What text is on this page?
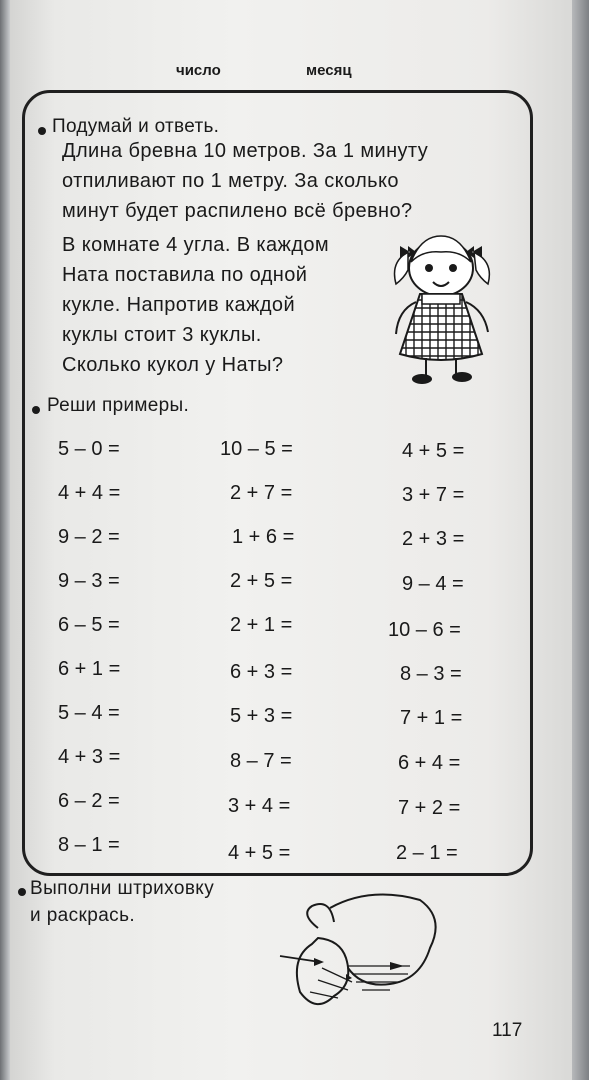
число	месяц
Подумай и ответь.
Длина бревна 10 метров. За 1 минуту
отпиливают по 1 метру. За сколько
минут будет распилено всё бревно?
В комнате 4 угла. В каждом
Ната поставила по одной
кукле. Напротив каждой
куклы стоит 3 куклы.
Сколько кукол у Наты?
Реши примеры.
5 – 0 =
4 + 4 =
9 – 2 =
9 – 3 =
6 – 5 =
6 + 1 =
5 – 4 =
4 + 3 =
6 – 2 =
8 – 1 =
10 – 5 =
2 + 7 =
1 + 6 =
2 + 5 =
2 + 1 =
6 + 3 =
5 + 3 =
8 – 7 =
3 + 4 =
4 + 5 =
4 + 5 =
3 + 7 =
2 + 3 =
9 – 4 =
10 – 6 =
8 – 3 =
7 + 1 =
6 + 4 =
7 + 2 =
2 – 1 =
Выполни штриховку
и раскрась.
117
